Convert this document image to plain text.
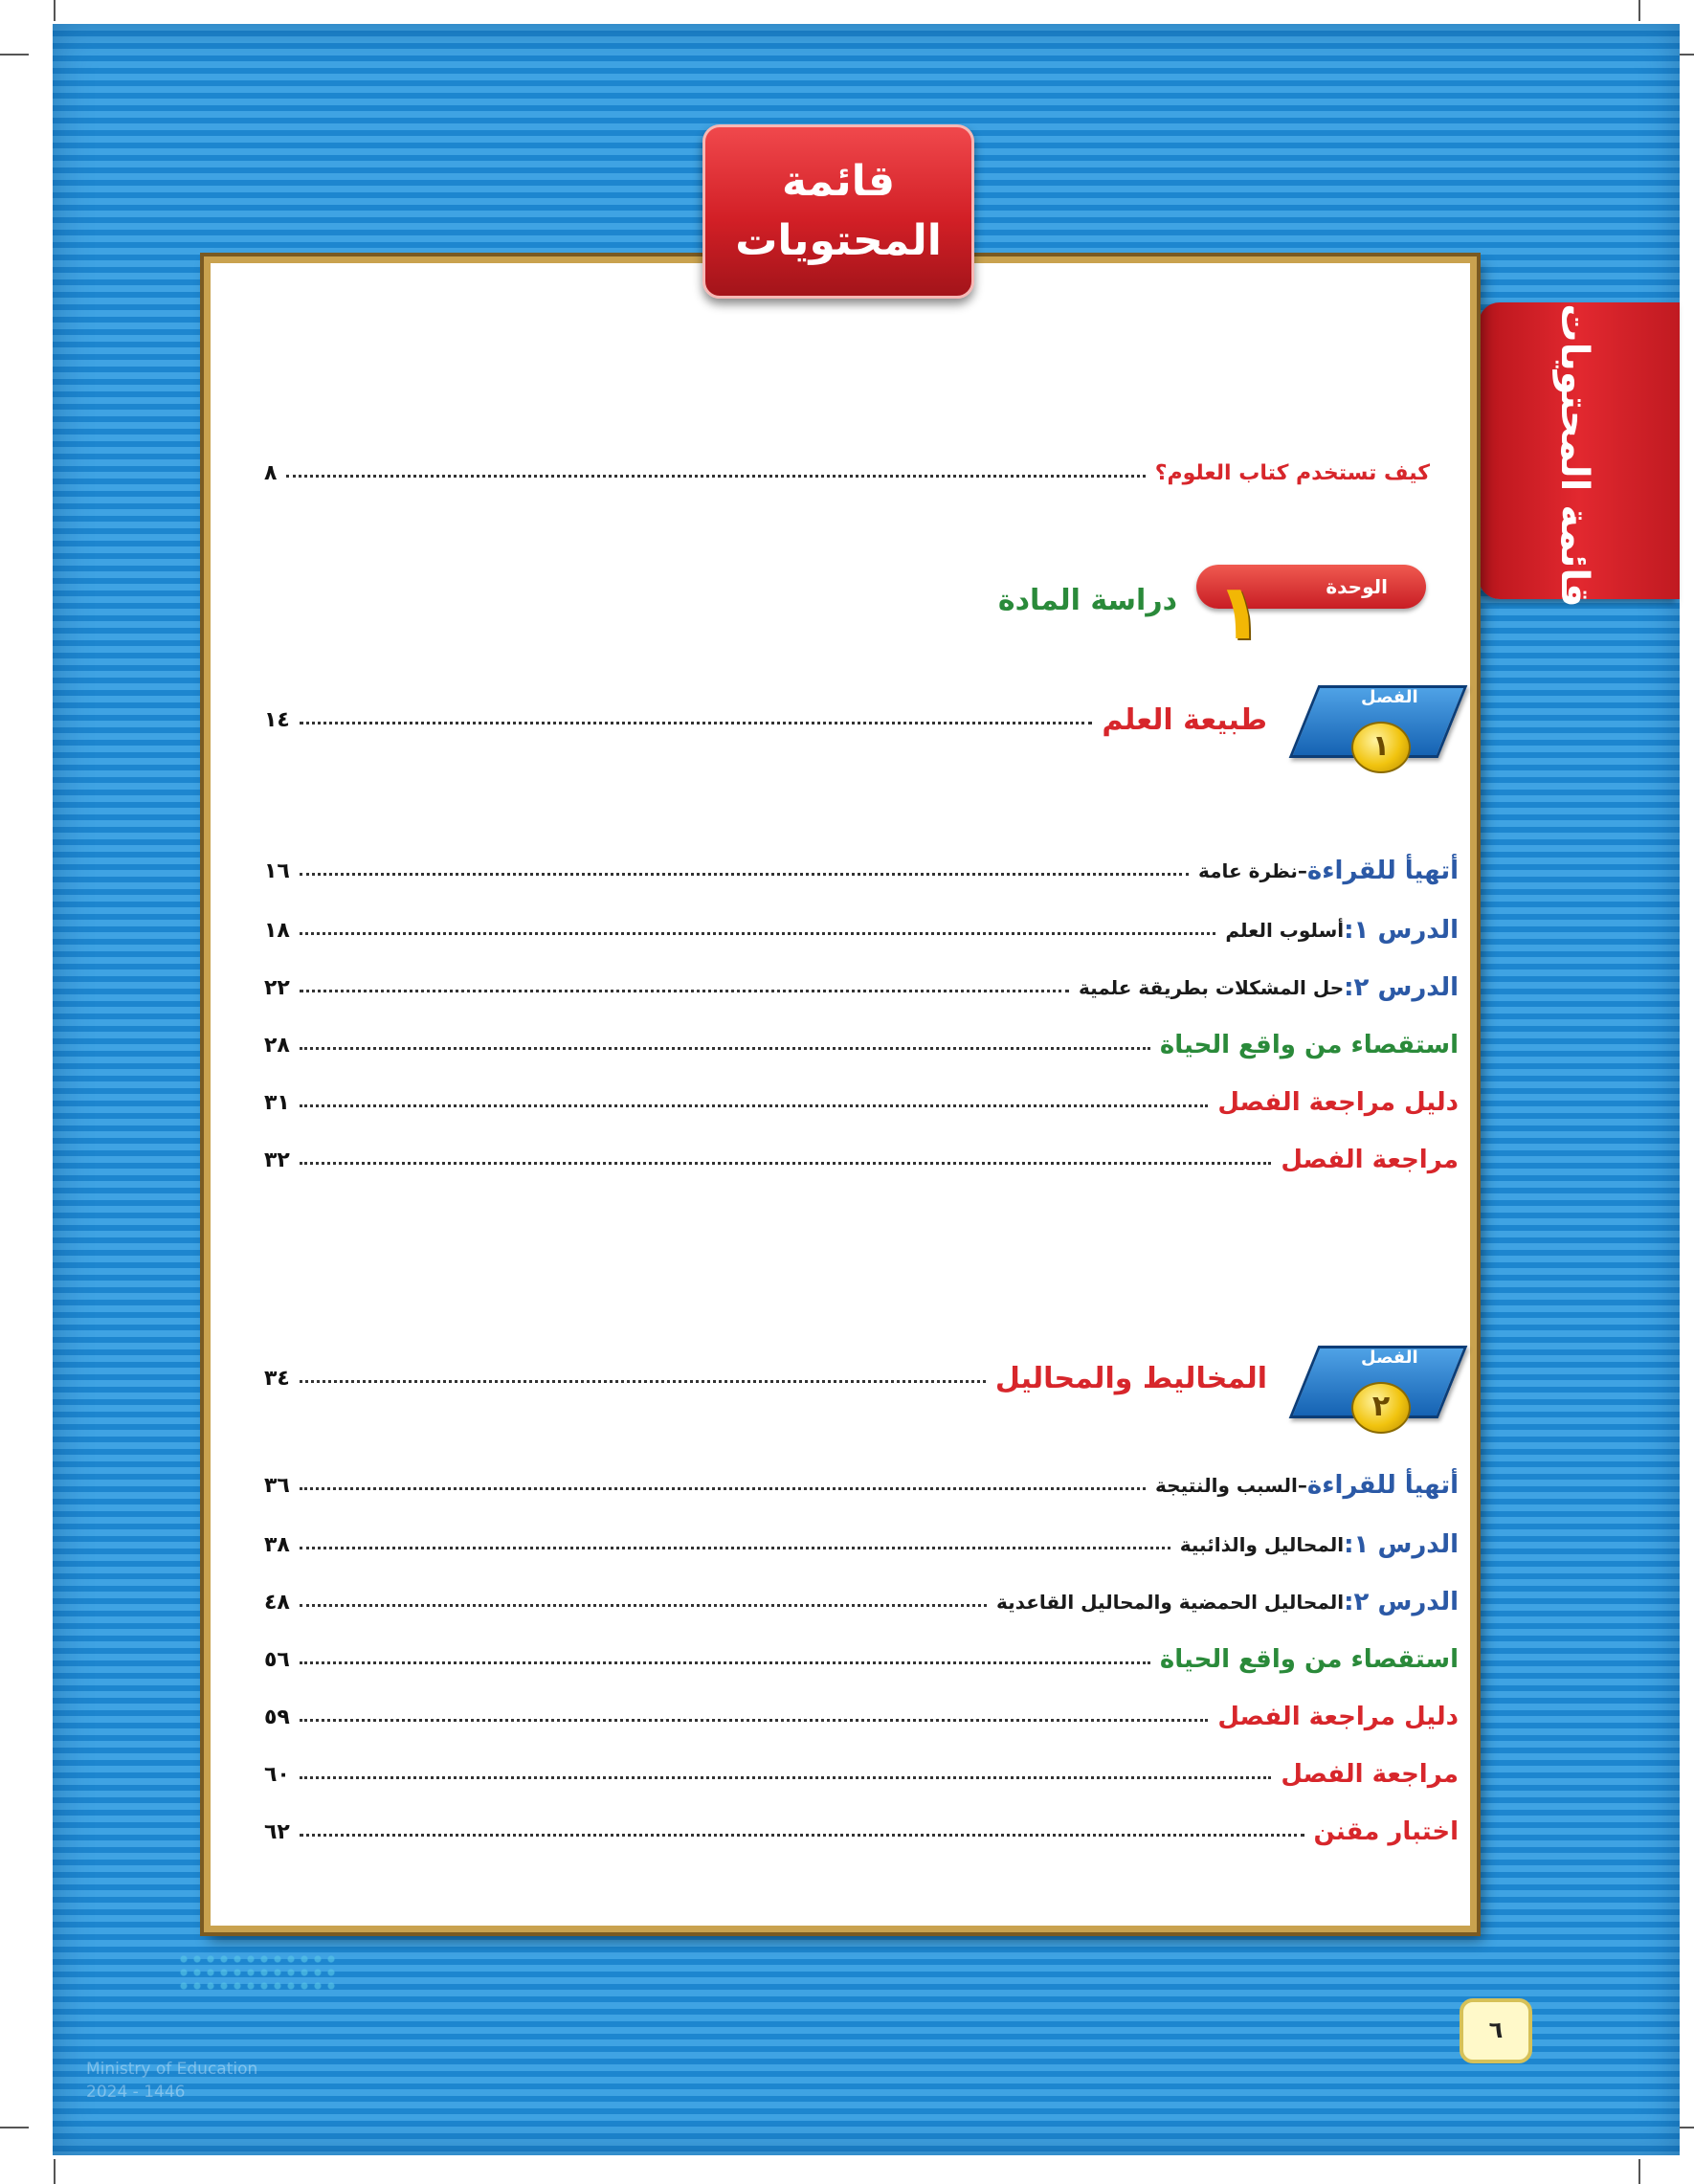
قائمة المحتويات
قائمة
المحتويات
كيف تستخدم كتاب العلوم؟
٨
الوحدة
١
دراسة المادة
الفصل
١
طبيعة العلم
١٤
أتهيأ للقراءة
–
نظرة عامة
١٦
الدرس ١:
أسلوب العلم
١٨
الدرس ٢:
حل المشكلات بطريقة علمية
٢٢
استقصاء من واقع الحياة
٢٨
دليل مراجعة الفصل
٣١
مراجعة الفصل
٣٢
الفصل
٢
المخاليط والمحاليل
٣٤
أتهيأ للقراءة
–
السبب والنتيجة
٣٦
الدرس ١:
المحاليل والذائبية
٣٨
الدرس ٢:
المحاليل الحمضية والمحاليل القاعدية
٤٨
استقصاء من واقع الحياة
٥٦
دليل مراجعة الفصل
٥٩
مراجعة الفصل
٦٠
اختبار مقنن
٦٢
Ministry of Education
2024 - 1446
٦
